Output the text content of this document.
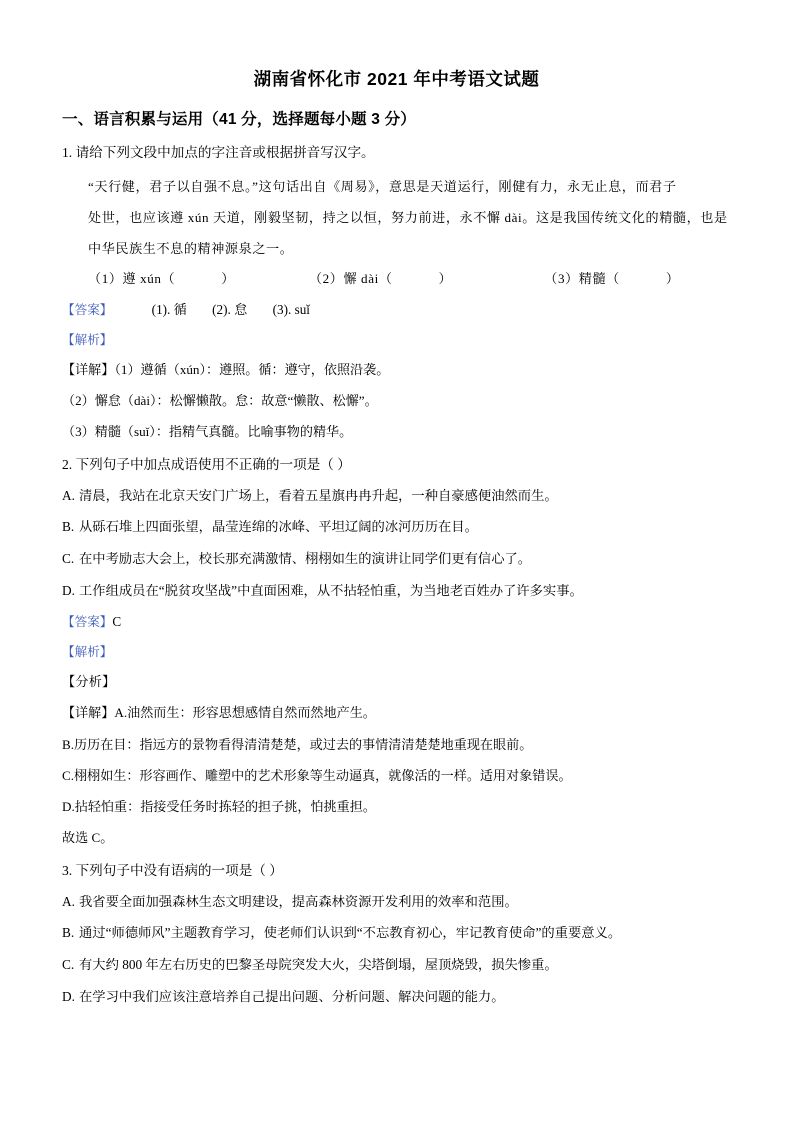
湖南省怀化市 2021 年中考语文试题
一、语言积累与运用（41 分，选择题每小题 3 分）
1. 请给下列文段中加点的字注音或根据拼音写汉字。
“天行健，君子以自强不息。”这句话出自《周易》，意思是天道运行，刚健有力，永无止息，而君子
处世，也应该遵 xún 天道，刚毅坚韧，持之以恒，努力前进，永不懈 dài。这是我国传统文化的精髓，也是
中华民族生不息的精神源泉之一。
（1）遵 xún（	）	（2）懈 dài（	）	（3）精髓（	）
【答案】	(1). 循 (2). 怠 (3). suǐ
【解析】
【详解】（1）遵循（xún）：遵照。循：遵守，依照沿袭。
（2）懈怠（dài）：松懈懒散。怠：故意“懒散、松懈”。
（3）精髓（suǐ）：指精气真髓。比喻事物的精华。
2. 下列句子中加点成语使用不正确的一项是（ ）
A. 清晨，我站在北京天安门广场上，看着五星旗冉冉升起，一种自豪感便油然而生。
B. 从砾石堆上四面张望，晶莹连绵的冰峰、平坦辽阔的冰河历历在目。
C. 在中考励志大会上，校长那充满激情、栩栩如生的演讲让同学们更有信心了。
D. 工作组成员在“脱贫攻坚战”中直面困难，从不拈轻怕重，为当地老百姓办了许多实事。
【答案】C
【解析】
【分析】
【详解】A.油然而生：形容思想感情自然而然地产生。
B.历历在目：指远方的景物看得清清楚楚，或过去的事情清清楚楚地重现在眼前。
C.栩栩如生：形容画作、雕塑中的艺术形象等生动逼真，就像活的一样。适用对象错误。
D.拈轻怕重：指接受任务时拣轻的担子挑，怕挑重担。
故选 C。
3. 下列句子中没有语病的一项是（ ）
A. 我省要全面加强森林生态文明建设，提高森林资源开发利用的效率和范围。
B. 通过“师德师风”主题教育学习，使老师们认识到“不忘教育初心，牢记教育使命”的重要意义。
C. 有大约 800 年左右历史的巴黎圣母院突发大火，尖塔倒塌，屋顶烧毁，损失惨重。
D. 在学习中我们应该注意培养自己提出问题、分析问题、解决问题的能力。
